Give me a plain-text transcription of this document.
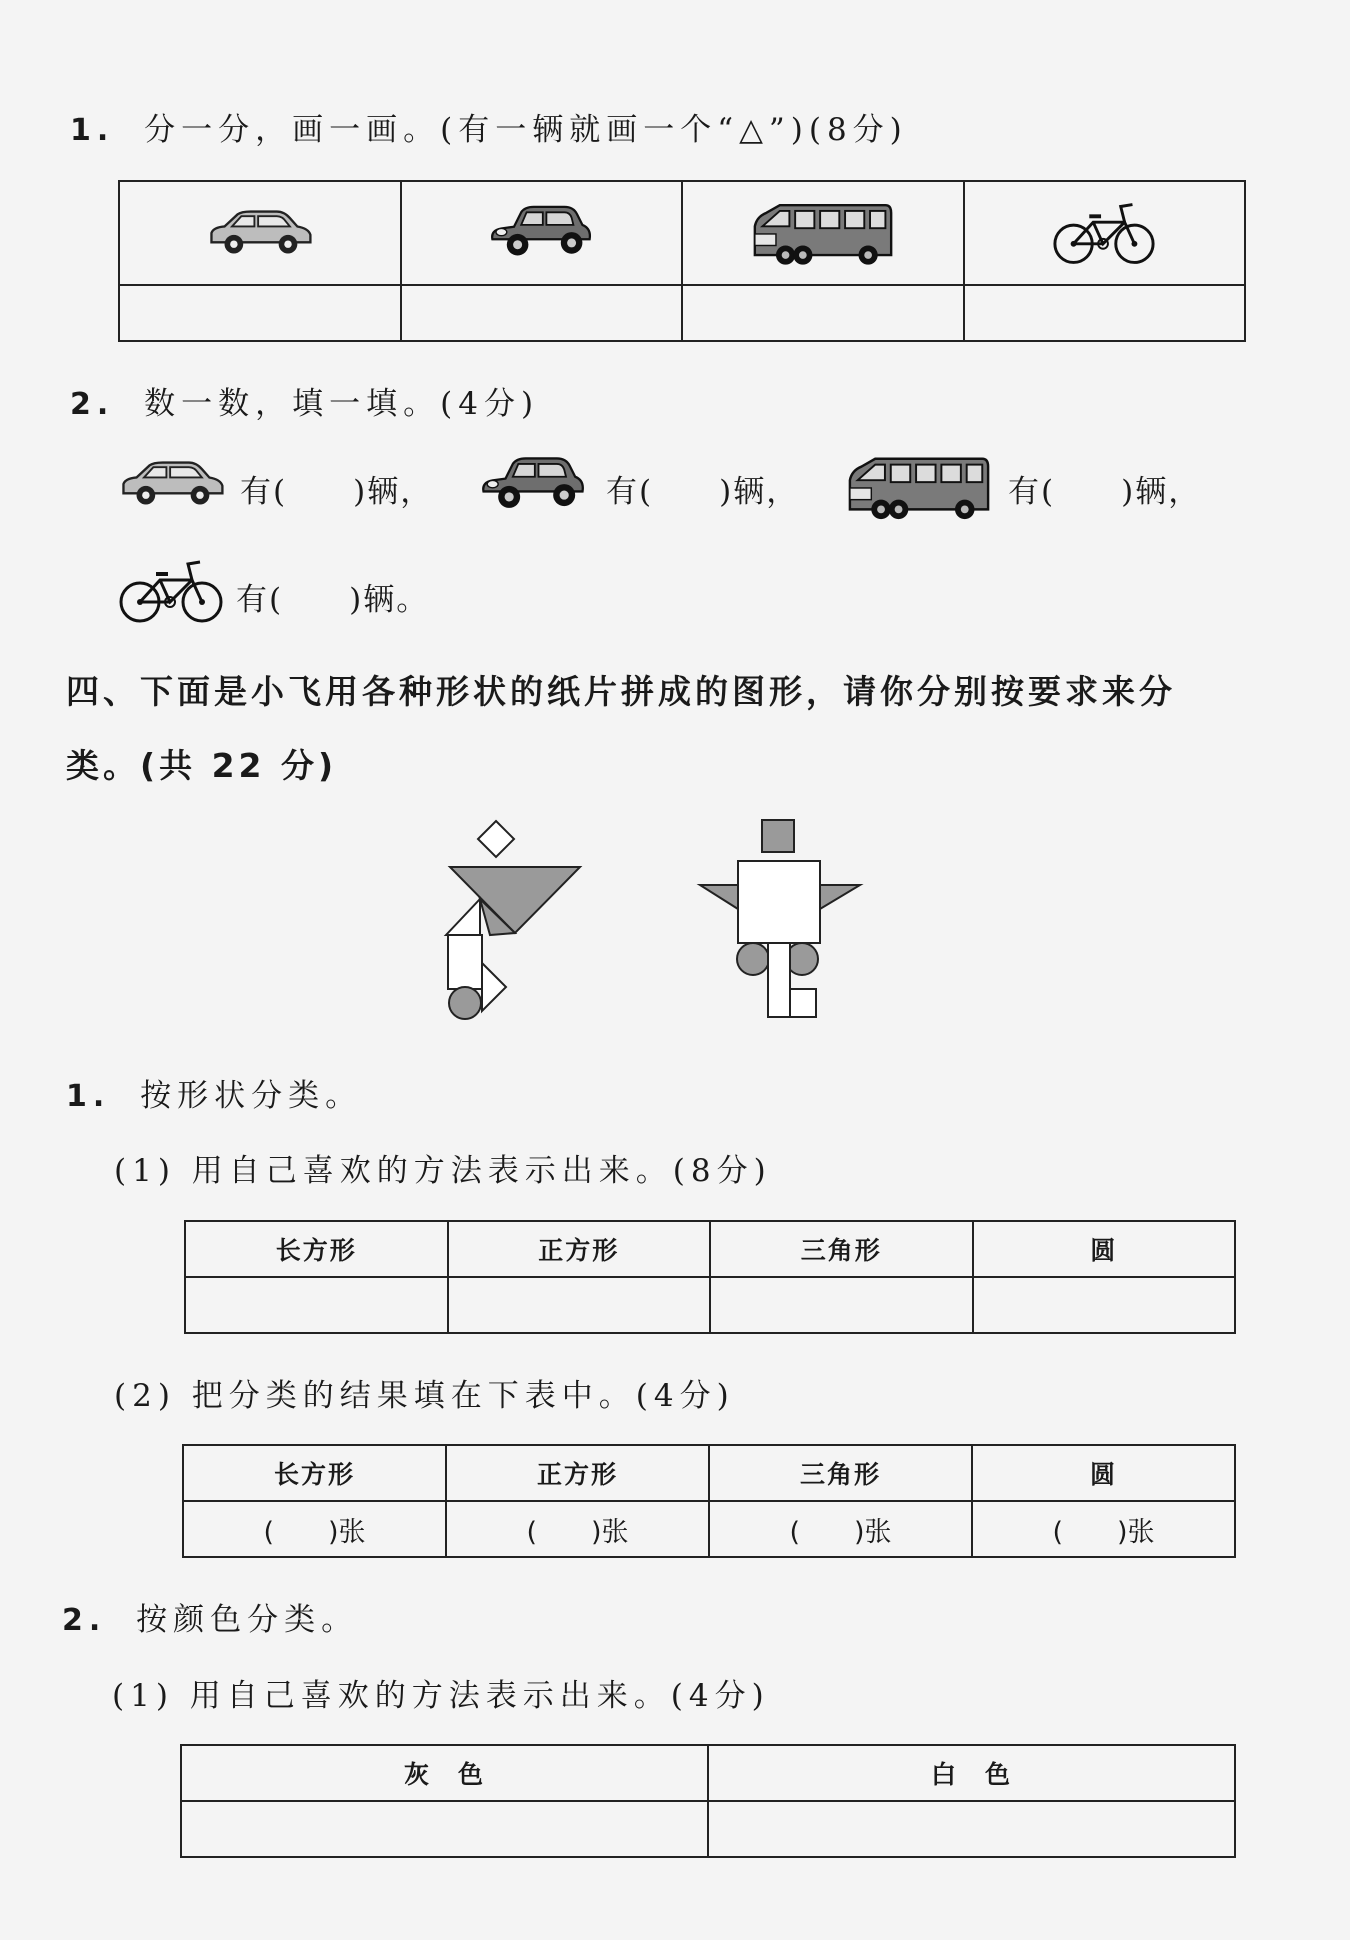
1. 分一分，画一画。(有一辆就画一个“△”)(8分)

2. 数一数，填一填。(4分)
有(　　)辆，	有(　　)辆，	有(　　)辆，
有(　　)辆。
四、下面是小飞用各种形状的纸片拼成的图形，请你分别按要求来分
类。(共 22 分)
1. 按形状分类。
(1) 用自己喜欢的方法表示出来。(8分)
长方形	正方形	三角形	圆

(2) 把分类的结果填在下表中。(4分)
长方形	正方形	三角形	圆
(　　)张	(　　)张	(　　)张	(　　)张
2. 按颜色分类。
(1) 用自己喜欢的方法表示出来。(4分)
灰　色	白　色
